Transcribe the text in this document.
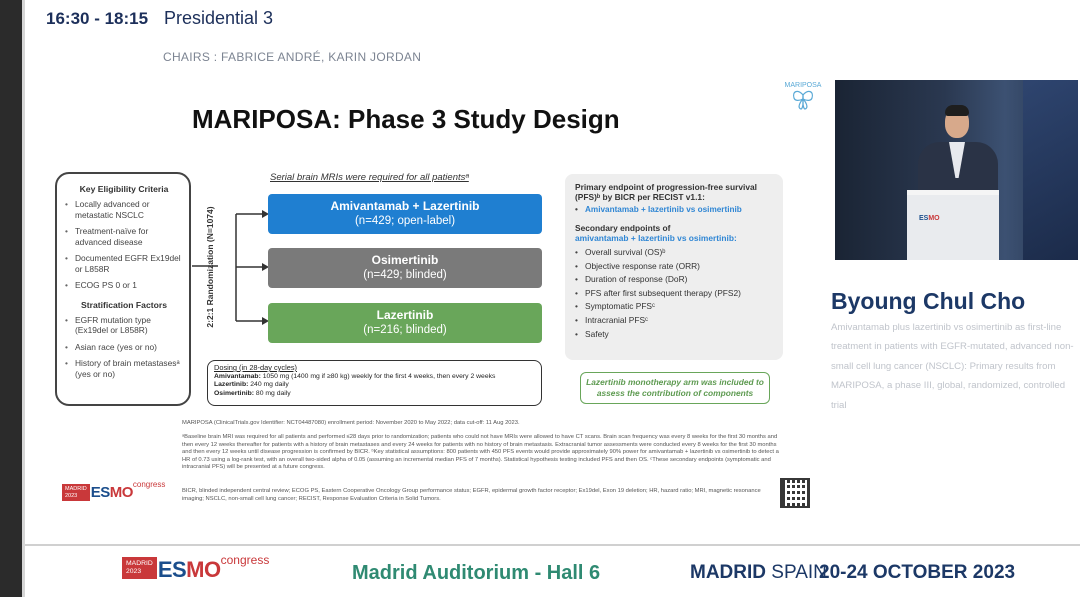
16:30 - 18:15 Presidential 3
CHAIRS : FABRICE ANDRÉ, KARIN JORDAN
MARIPOSA
MARIPOSA: Phase 3 Study Design
Key Eligibility Criteria
• Locally advanced or metastatic NSCLC
• Treatment-naïve for advanced disease
• Documented EGFR Ex19del or L858R
• ECOG PS 0 or 1
Stratification Factors
• EGFR mutation type (Ex19del or L858R)
• Asian race (yes or no)
• History of brain metastasesᵃ (yes or no)
2:2:1 Randomization (N=1074)
Serial brain MRIs were required for all patientsᵃ
Amivantamab + Lazertinib
(n=429; open-label)
Osimertinib
(n=429; blinded)
Lazertinib
(n=216; blinded)
Dosing (in 28-day cycles)
Amivantamab: 1050 mg (1400 mg if ≥80 kg) weekly for the first 4 weeks, then every 2 weeks
Lazertinib: 240 mg daily
Osimertinib: 80 mg daily
Primary endpoint of progression-free survival (PFS)ᵇ by BICR per RECIST v1.1:
• Amivantamab + lazertinib vs osimertinib
Secondary endpoints of
amivantamab + lazertinib vs osimertinib:
• Overall survival (OS)ᵇ
• Objective response rate (ORR)
• Duration of response (DoR)
• PFS after first subsequent therapy (PFS2)
• Symptomatic PFSᶜ
• Intracranial PFSᶜ
• Safety
Lazertinib monotherapy arm was included to assess the contribution of components
MARIPOSA (ClinicalTrials.gov Identifier: NCT04487080) enrollment period: November 2020 to May 2022; data cut-off: 11 Aug 2023.
ᵃBaseline brain MRI was required for all patients and performed ≤28 days prior to randomization; patients who could not have MRIs were allowed to have CT scans. Brain scan frequency was every 8 weeks for the first 30 months and then every 12 weeks thereafter for patients with a history of brain metastases and every 24 weeks for patients with no history of brain metastasis. Extracranial tumor assessments were conducted every 8 weeks for the first 30 months and then every 12 weeks until disease progression is confirmed by BICR. ᵇKey statistical assumptions: 800 patients with 450 PFS events would provide approximately 90% power for amivantamab + lazertinib vs osimertinib to detect a HR of 0.73 using a log-rank test, with an overall two-sided alpha of 0.05 (assuming an incremental median PFS of 7 months). Statistical hypothesis testing included PFS and then OS. ᶜThese secondary endpoints (symptomatic and intracranial PFS) will be presented at a future congress.
BICR, blinded independent central review; ECOG PS, Eastern Cooperative Oncology Group performance status; EGFR, epidermal growth factor receptor; Ex19del, Exon 19 deletion; HR, hazard ratio; MRI, magnetic resonance imaging; NSCLC, non-small cell lung cancer; RECIST, Response Evaluation Criteria in Solid Tumors.
MADRID
2023 ESMOcongress
ESMO
Byoung Chul Cho
Amivantamab plus lazertinib vs osimertinib as first-line treatment in patients with EGFR-mutated, advanced non-small cell lung cancer (NSCLC): Primary results from MARIPOSA, a phase III, global, randomized, controlled trial
MADRID
2023 ESMOcongress
Madrid Auditorium - Hall 6	MADRID SPAIN
20-24 OCTOBER 2023
